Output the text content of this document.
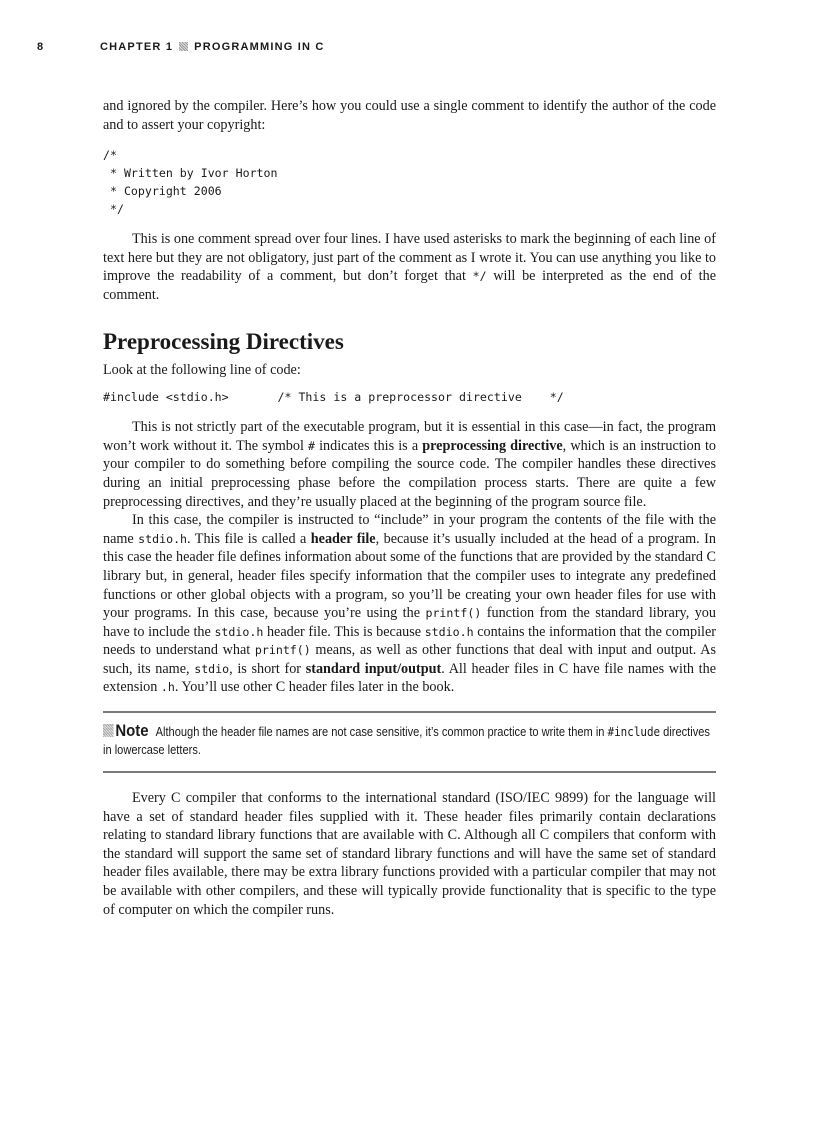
8	CHAPTER 1 PROGRAMMING IN C

and ignored by the compiler. Here’s how you could use a single comment to identify the author of the code and to assert your copyright:

/*
* Written by Ivor Horton
* Copyright 2006
*/

This is one comment spread over four lines. I have used asterisks to mark the beginning of each line of text here but they are not obligatory, just part of the comment as I wrote it. You can use anything you like to improve the readability of a comment, but don’t forget that */ will be interpreted as the end of the comment.

Preprocessing Directives

Look at the following line of code:

#include <stdio.h>       /* This is a preprocessor directive    */

This is not strictly part of the executable program, but it is essential in this case—in fact, the program won’t work without it. The symbol # indicates this is a preprocessing directive, which is an instruction to your compiler to do something before compiling the source code. The compiler handles these directives during an initial preprocessing phase before the compilation process starts. There are quite a few preprocessing directives, and they’re usually placed at the beginning of the program source file.

In this case, the compiler is instructed to “include” in your program the contents of the file with the name stdio.h. This file is called a header file, because it’s usually included at the head of a program. In this case the header file defines information about some of the functions that are provided by the standard C library but, in general, header files specify information that the compiler uses to integrate any predefined functions or other global objects with a program, so you’ll be creating your own header files for use with your programs. In this case, because you’re using the printf() function from the standard library, you have to include the stdio.h header file. This is because stdio.h contains the information that the compiler needs to understand what printf() means, as well as other functions that deal with input and output. As such, its name, stdio, is short for standard input/output. All header files in C have file names with the extension .h. You’ll use other C header files later in the book.

Note Although the header file names are not case sensitive, it’s common practice to write them in #include directives in lowercase letters.

Every C compiler that conforms to the international standard (ISO/IEC 9899) for the language will have a set of standard header files supplied with it. These header files primarily contain declarations relating to standard library functions that are available with C. Although all C compilers that conform with the standard will support the same set of standard library functions and will have the same set of standard header files available, there may be extra library functions provided with a particular compiler that may not be available with other compilers, and these will typically provide functionality that is specific to the type of computer on which the compiler runs.
